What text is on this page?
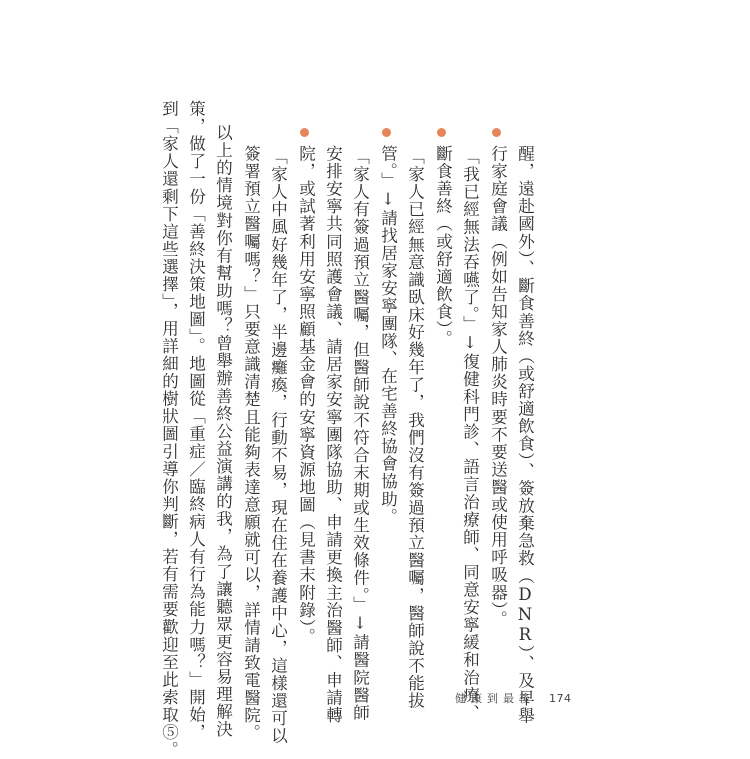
醒，遠赴國外）、斷食善終（或舒適飲食）、簽放棄急救（DNR）、及早舉
行家庭會議（例如告知家人肺炎時要不要送醫或使用呼吸器）。
「我已經無法吞嚥了。」↓復健科門診、語言治療師、同意安寧緩和治療、
斷食善終（或舒適飲食）。
「家人已經無意識臥床好幾年了，我們沒有簽過預立醫囑，醫師說不能拔
管。」↓請找居家安寧團隊、在宅善終協會協助。
「家人有簽過預立醫囑，但醫師說不符合末期或生效條件。」↓請醫院醫師
安排安寧共同照護會議、請居家安寧團隊協助、申請更換主治醫師、申請轉
院，或試著利用安寧照顧基金會的安寧資源地圖（見書末附錄）。
「家人中風好幾年了，半邊癱瘓，行動不易，現在住在養護中心，這樣還可以
簽署預立醫囑嗎？」只要意識清楚且能夠表達意願就可以，詳情請致電醫院。
以上的情境對你有幫助嗎？曾舉辦善終公益演講的我，為了讓聽眾更容易理解決
策，做了一份「善終決策地圖」。地圖從「重症／臨終病人有行為能力嗎？」開始，
到「家人還剩下這些選擇」，用詳細的樹狀圖引導你判斷，若有需要歡迎至此索取⑤。	健康到最後 174
